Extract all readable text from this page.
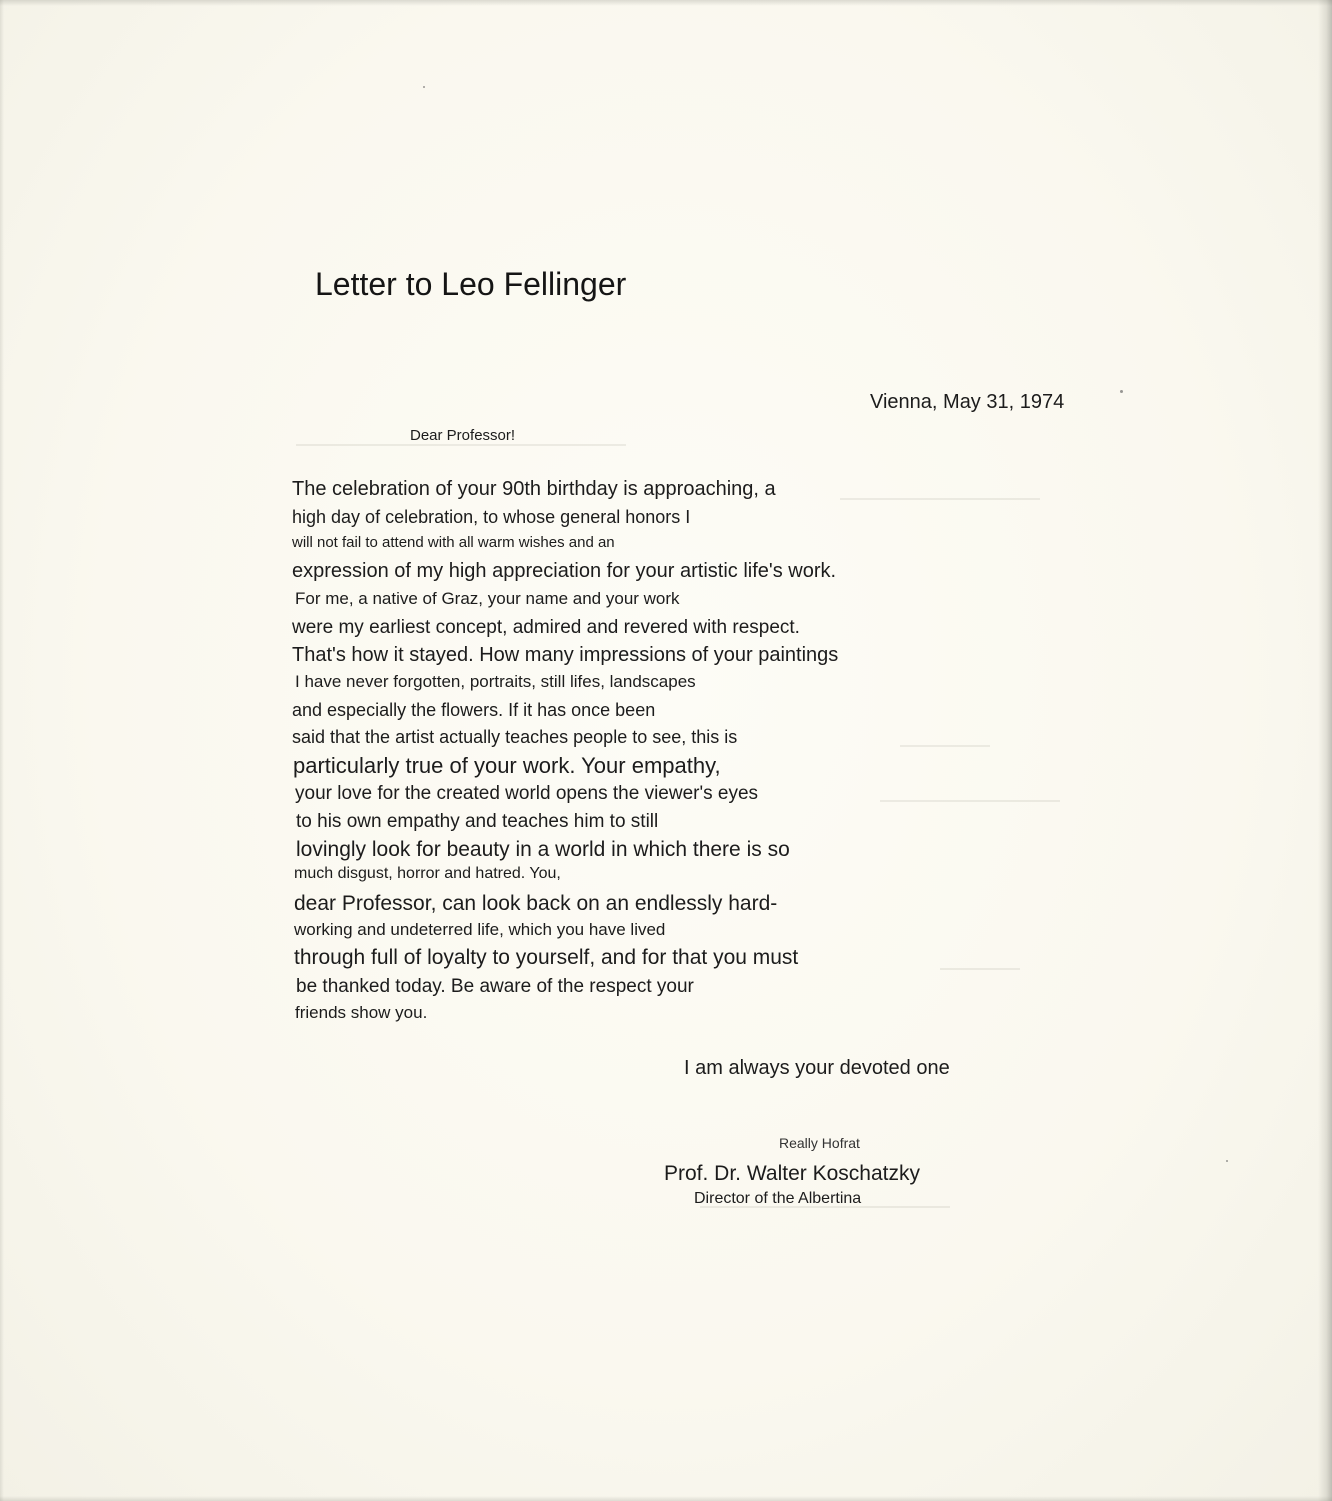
Letter to Leo Fellinger

Vienna, May 31, 1974

Dear Professor!

The celebration of your 90th birthday is approaching, a

high day of celebration, to whose general honors I

will not fail to attend with all warm wishes and an

expression of my high appreciation for your artistic life's work.

For me, a native of Graz, your name and your work

were my earliest concept, admired and revered with respect.

That's how it stayed. How many impressions of your paintings

I have never forgotten, portraits, still lifes, landscapes

and especially the flowers. If it has once been

said that the artist actually teaches people to see, this is

particularly true of your work. Your empathy,

your love for the created world opens the viewer's eyes

to his own empathy and teaches him to still

lovingly look for beauty in a world in which there is so

much disgust, horror and hatred. You,

dear Professor, can look back on an endlessly hard-

working and undeterred life, which you have lived

through full of loyalty to yourself, and for that you must

be thanked today. Be aware of the respect your

friends show you.

I am always your devoted one

Really Hofrat

Prof. Dr. Walter Koschatzky

Director of the Albertina
